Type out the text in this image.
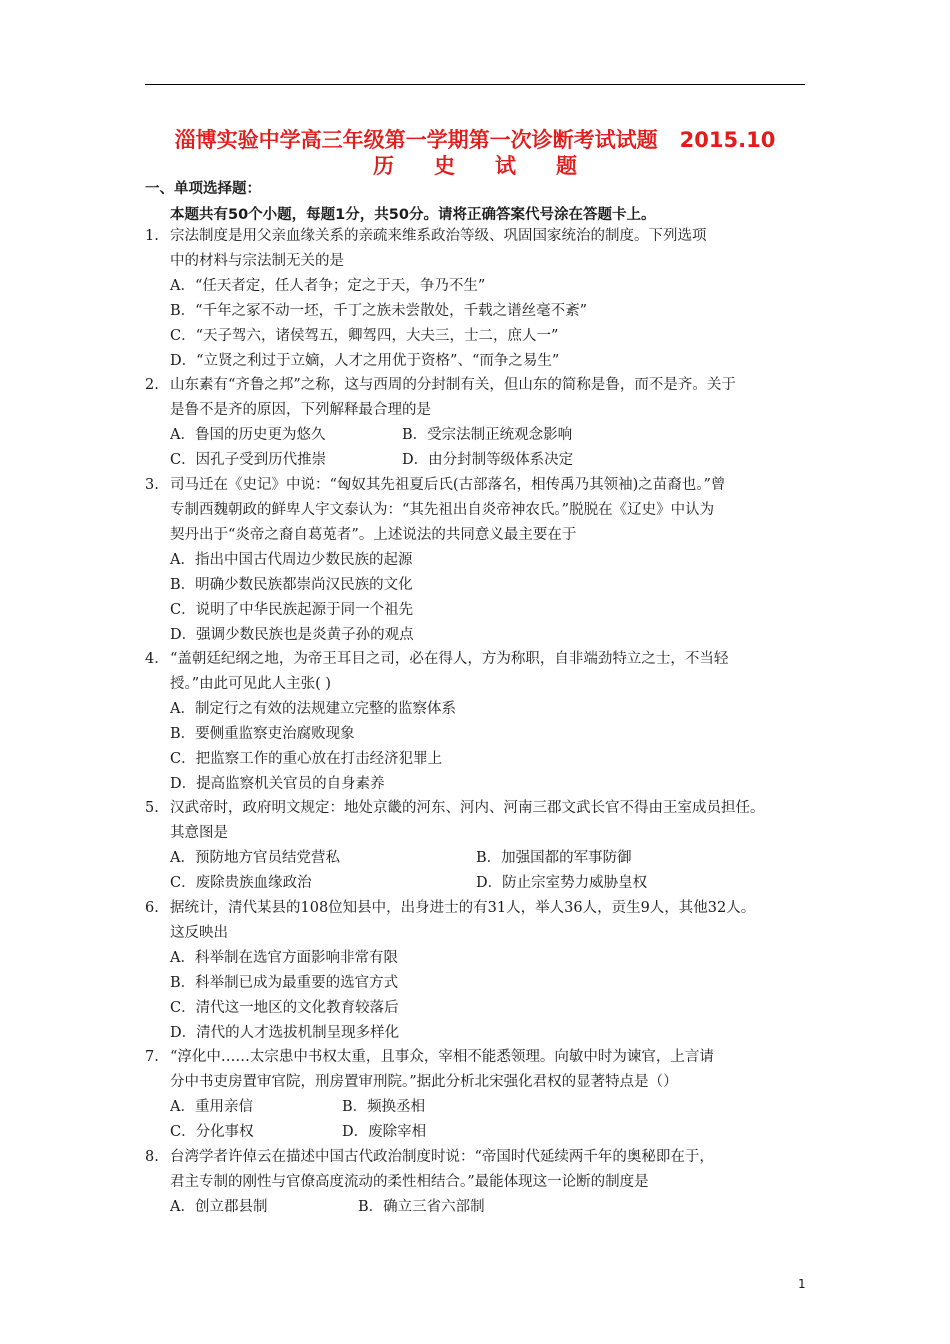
淄博实验中学高三年级第一学期第一次诊断考试试题 2015.10
历 史 试 题
一、单项选择题：
本题共有50个小题，每题1分，共50分。请将正确答案代号涂在答题卡上。
1. 宗法制度是用父亲血缘关系的亲疏来维系政治等级、巩固国家统治的制度。下列选项
中的材料与宗法制无关的是
A．“任天者定，任人者争；定之于天，争乃不生”
B．“千年之冢不动一坯，千丁之族未尝散处，千载之谱丝毫不紊”
C．“天子驾六，诸侯驾五，卿驾四，大夫三，士二，庶人一”
D．“立贤之利过于立嫡，人才之用优于资格”、“而争之易生”
2. 山东素有“齐鲁之邦”之称，这与西周的分封制有关，但山东的简称是鲁，而不是齐。关于
是鲁不是齐的原因，下列解释最合理的是
A．鲁国的历史更为悠久	B．受宗法制正统观念影响
C．因孔子受到历代推崇	D．由分封制等级体系决定
3. 司马迁在《史记》中说：“匈奴其先祖夏后氏(古部落名，相传禹乃其领袖)之苗裔也。”曾
专制西魏朝政的鲜卑人宇文泰认为：“其先祖出自炎帝神农氏。”脱脱在《辽史》中认为
契丹出于“炎帝之裔自葛莵者”。上述说法的共同意义最主要在于
A．指出中国古代周边少数民族的起源
B．明确少数民族都崇尚汉民族的文化
C．说明了中华民族起源于同一个祖先
D．强调少数民族也是炎黄子孙的观点
4. “盖朝廷纪纲之地，为帝王耳目之司，必在得人，方为称职，自非端劲特立之士，不当轻
授。”由此可见此人主张( )
A．制定行之有效的法规建立完整的监察体系
B．要侧重监察吏治腐败现象
C．把监察工作的重心放在打击经济犯罪上
D．提高监察机关官员的自身素养
5. 汉武帝时，政府明文规定：地处京畿的河东、河内、河南三郡文武长官不得由王室成员担任。
其意图是
A．预防地方官员结党营私	B．加强国都的军事防御
C．废除贵族血缘政治	D．防止宗室势力威胁皇权
6. 据统计，清代某县的108位知县中，出身进士的有31人，举人36人，贡生9人，其他32人。
这反映出
A．科举制在选官方面影响非常有限
B．科举制已成为最重要的选官方式
C．清代这一地区的文化教育较落后
D．清代的人才选拔机制呈现多样化
7. “淳化中……太宗患中书权太重，且事众，宰相不能悉领理。向敏中时为谏官，上言请
分中书吏房置审官院，刑房置审刑院。”据此分析北宋强化君权的显著特点是（）
A．重用亲信	B．频换丞相
C．分化事权	D．废除宰相
8. 台湾学者许倬云在描述中国古代政治制度时说：“帝国时代延续两千年的奥秘即在于，
君主专制的刚性与官僚高度流动的柔性相结合。”最能体现这一论断的制度是
A．创立郡县制	B．确立三省六部制
1
